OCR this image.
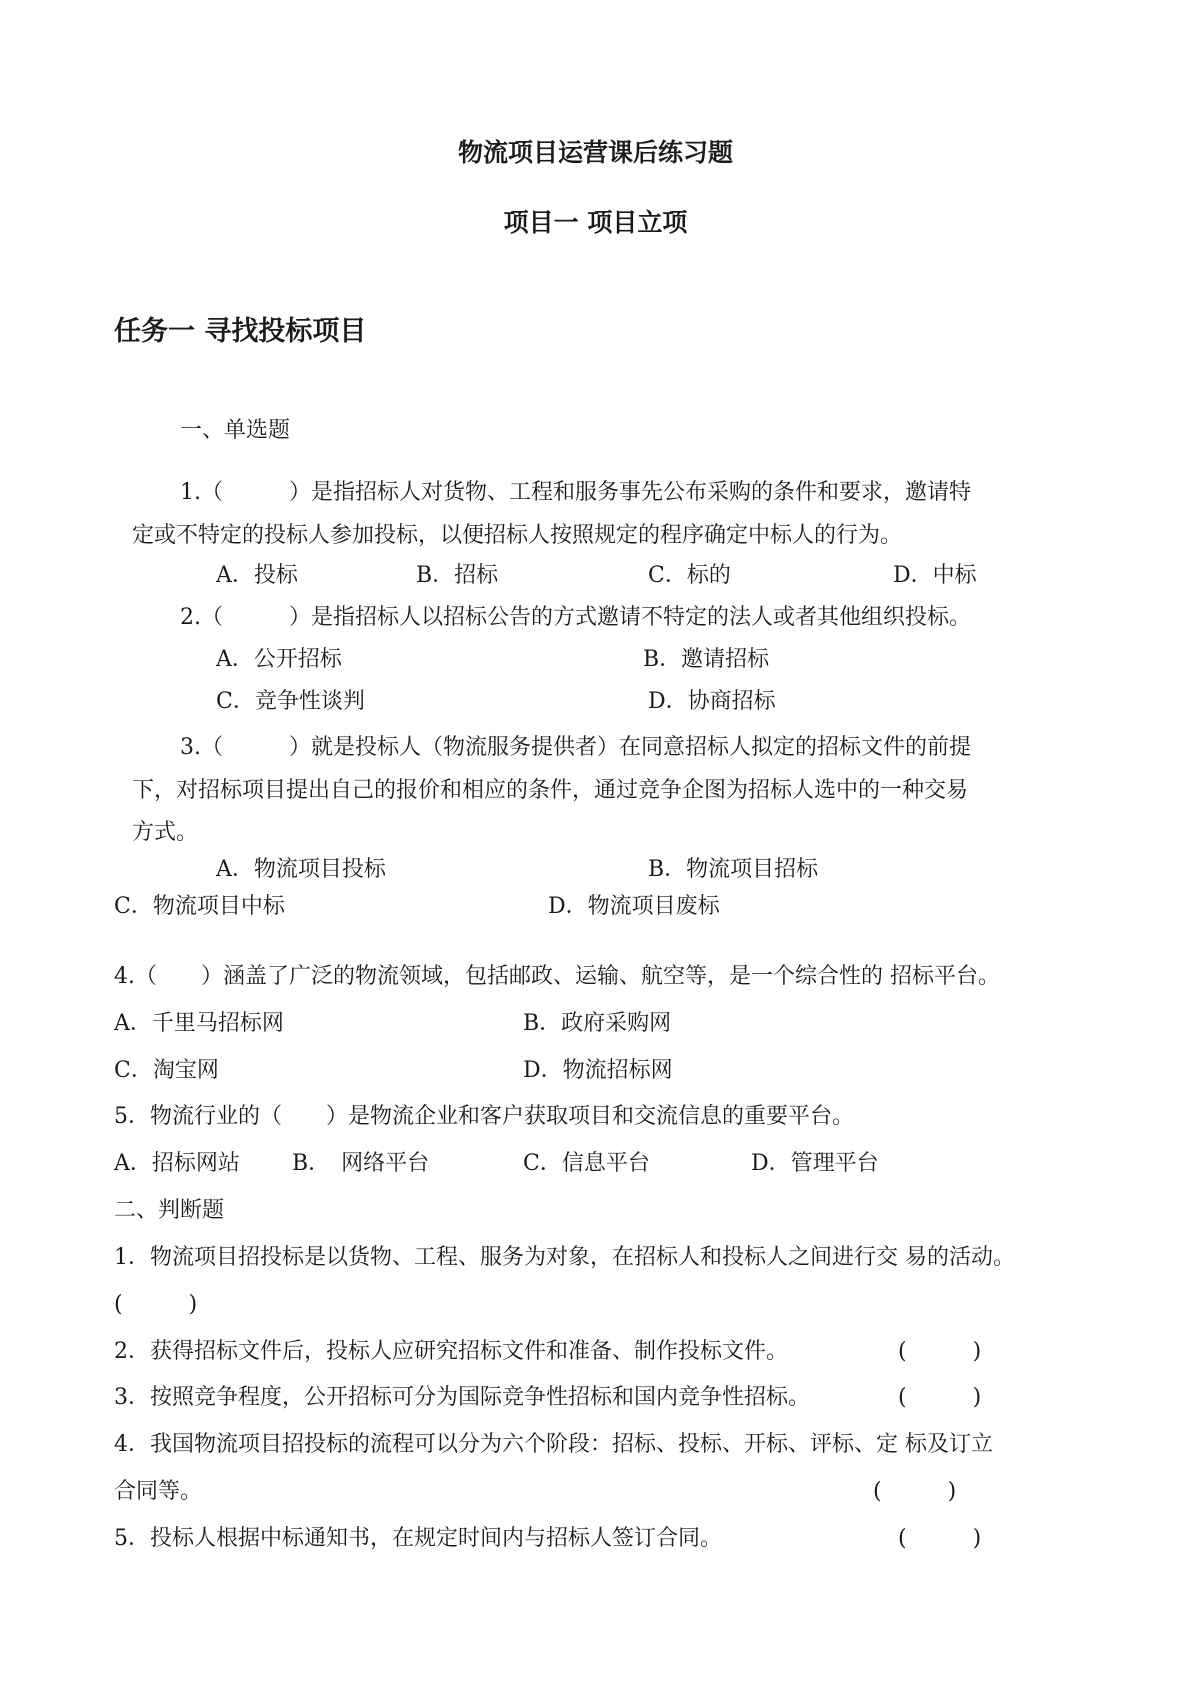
物流项目运营课后练习题
项目一 项目立项
任务一 寻找投标项目
一、单选题
1.（　　　）是指招标人对货物、工程和服务事先公布采购的条件和要求，邀请特
定或不特定的投标人参加投标，以便招标人按照规定的程序确定中标人的行为。
A．投标	B．招标	C．标的	D．中标
2.（　　　）是指招标人以招标公告的方式邀请不特定的法人或者其他组织投标。
A．公开招标	B．邀请招标
C．竞争性谈判	D．协商招标
3.（　　　）就是投标人（物流服务提供者）在同意招标人拟定的招标文件的前提
下，对招标项目提出自己的报价和相应的条件，通过竞争企图为招标人选中的一种交易
方式。
A．物流项目投标	B．物流项目招标
C．物流项目中标	D．物流项目废标
4.（　　）涵盖了广泛的物流领域，包括邮政、运输、航空等，是一个综合性的 招标平台。
A．千里马招标网	B．政府采购网
C．淘宝网	D．物流招标网
5．物流行业的（　　）是物流企业和客户获取项目和交流信息的重要平台。
A．招标网站 B．　网络平台	C．信息平台	D．管理平台
二、判断题
1．物流项目招投标是以货物、工程、服务为对象，在招标人和投标人之间进行交 易的活动。
(　　　)
2．获得招标文件后，投标人应研究招标文件和准备、制作投标文件。	(　　　)
3．按照竞争程度，公开招标可分为国际竞争性招标和国内竞争性招标。	(　　　)
4．我国物流项目招投标的流程可以分为六个阶段：招标、投标、开标、评标、定 标及订立
合同等。	(　　　)
5．投标人根据中标通知书，在规定时间内与招标人签订合同。	(　　　)
